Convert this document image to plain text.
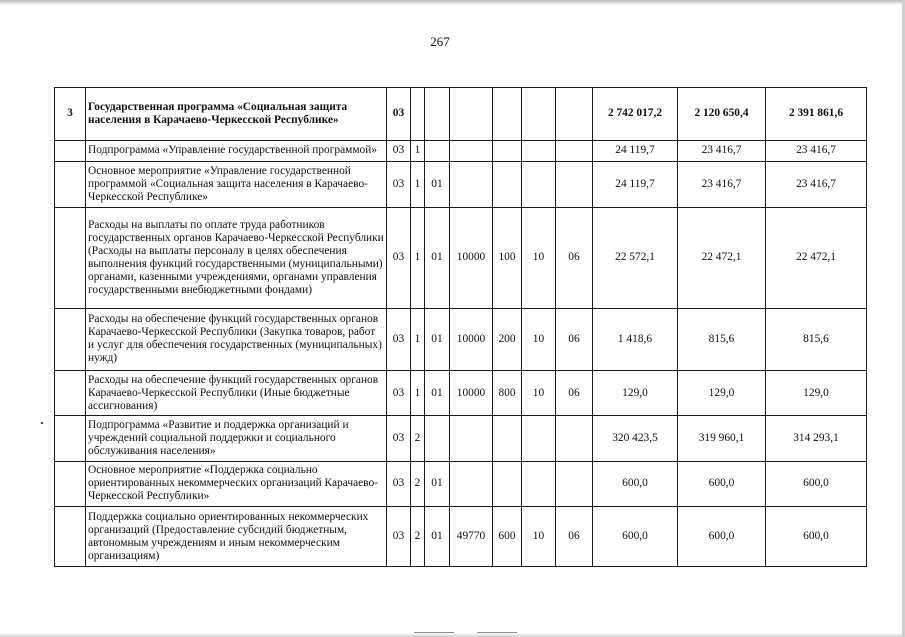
267
3	Государственная программа «Социальная защита населения в Карачаево-Черкесской Республике»	03							2 742 017,2	2 120 650,4	2 391 861,6
	Подпрограмма «Управление государственной программой»	03	1						24 119,7	23 416,7	23 416,7
	Основное мероприятие «Управление государственной программой «Социальная защита населения в Карачаево-Черкесской Республике»	03	1	01					24 119,7	23 416,7	23 416,7
	Расходы на выплаты по оплате труда работников государственных органов Карачаево-Черкесской Республики (Расходы на выплаты персоналу в целях обеспечения выполнения функций государственными (муниципальными) органами, казенными учреждениями, органами управления государственными внебюджетными фондами)	03	1	01	10000	100	10	06	22 572,1	22 472,1	22 472,1
	Расходы на обеспечение функций государственных органов Карачаево-Черкесской Республики (Закупка товаров, работ и услуг для обеспечения государственных (муниципальных) нужд)	03	1	01	10000	200	10	06	1 418,6	815,6	815,6
	Расходы на обеспечение функций государственных органов Карачаево-Черкесской Республики (Иные бюджетные ассигнования)	03	1	01	10000	800	10	06	129,0	129,0	129,0
	Подпрограмма «Развитие и поддержка организаций и учреждений социальной поддержки и социального обслуживания населения»	03	2						320 423,5	319 960,1	314 293,1
	Основное мероприятие «Поддержка социально ориентированных некоммерческих организаций Карачаево-Черкесской Республики»	03	2	01					600,0	600,0	600,0
	Поддержка социально ориентированных некоммерческих организаций (Предоставление субсидий бюджетным, автономным учреждениям и иным некоммерческим организациям)	03	2	01	49770	600	10	06	600,0	600,0	600,0
